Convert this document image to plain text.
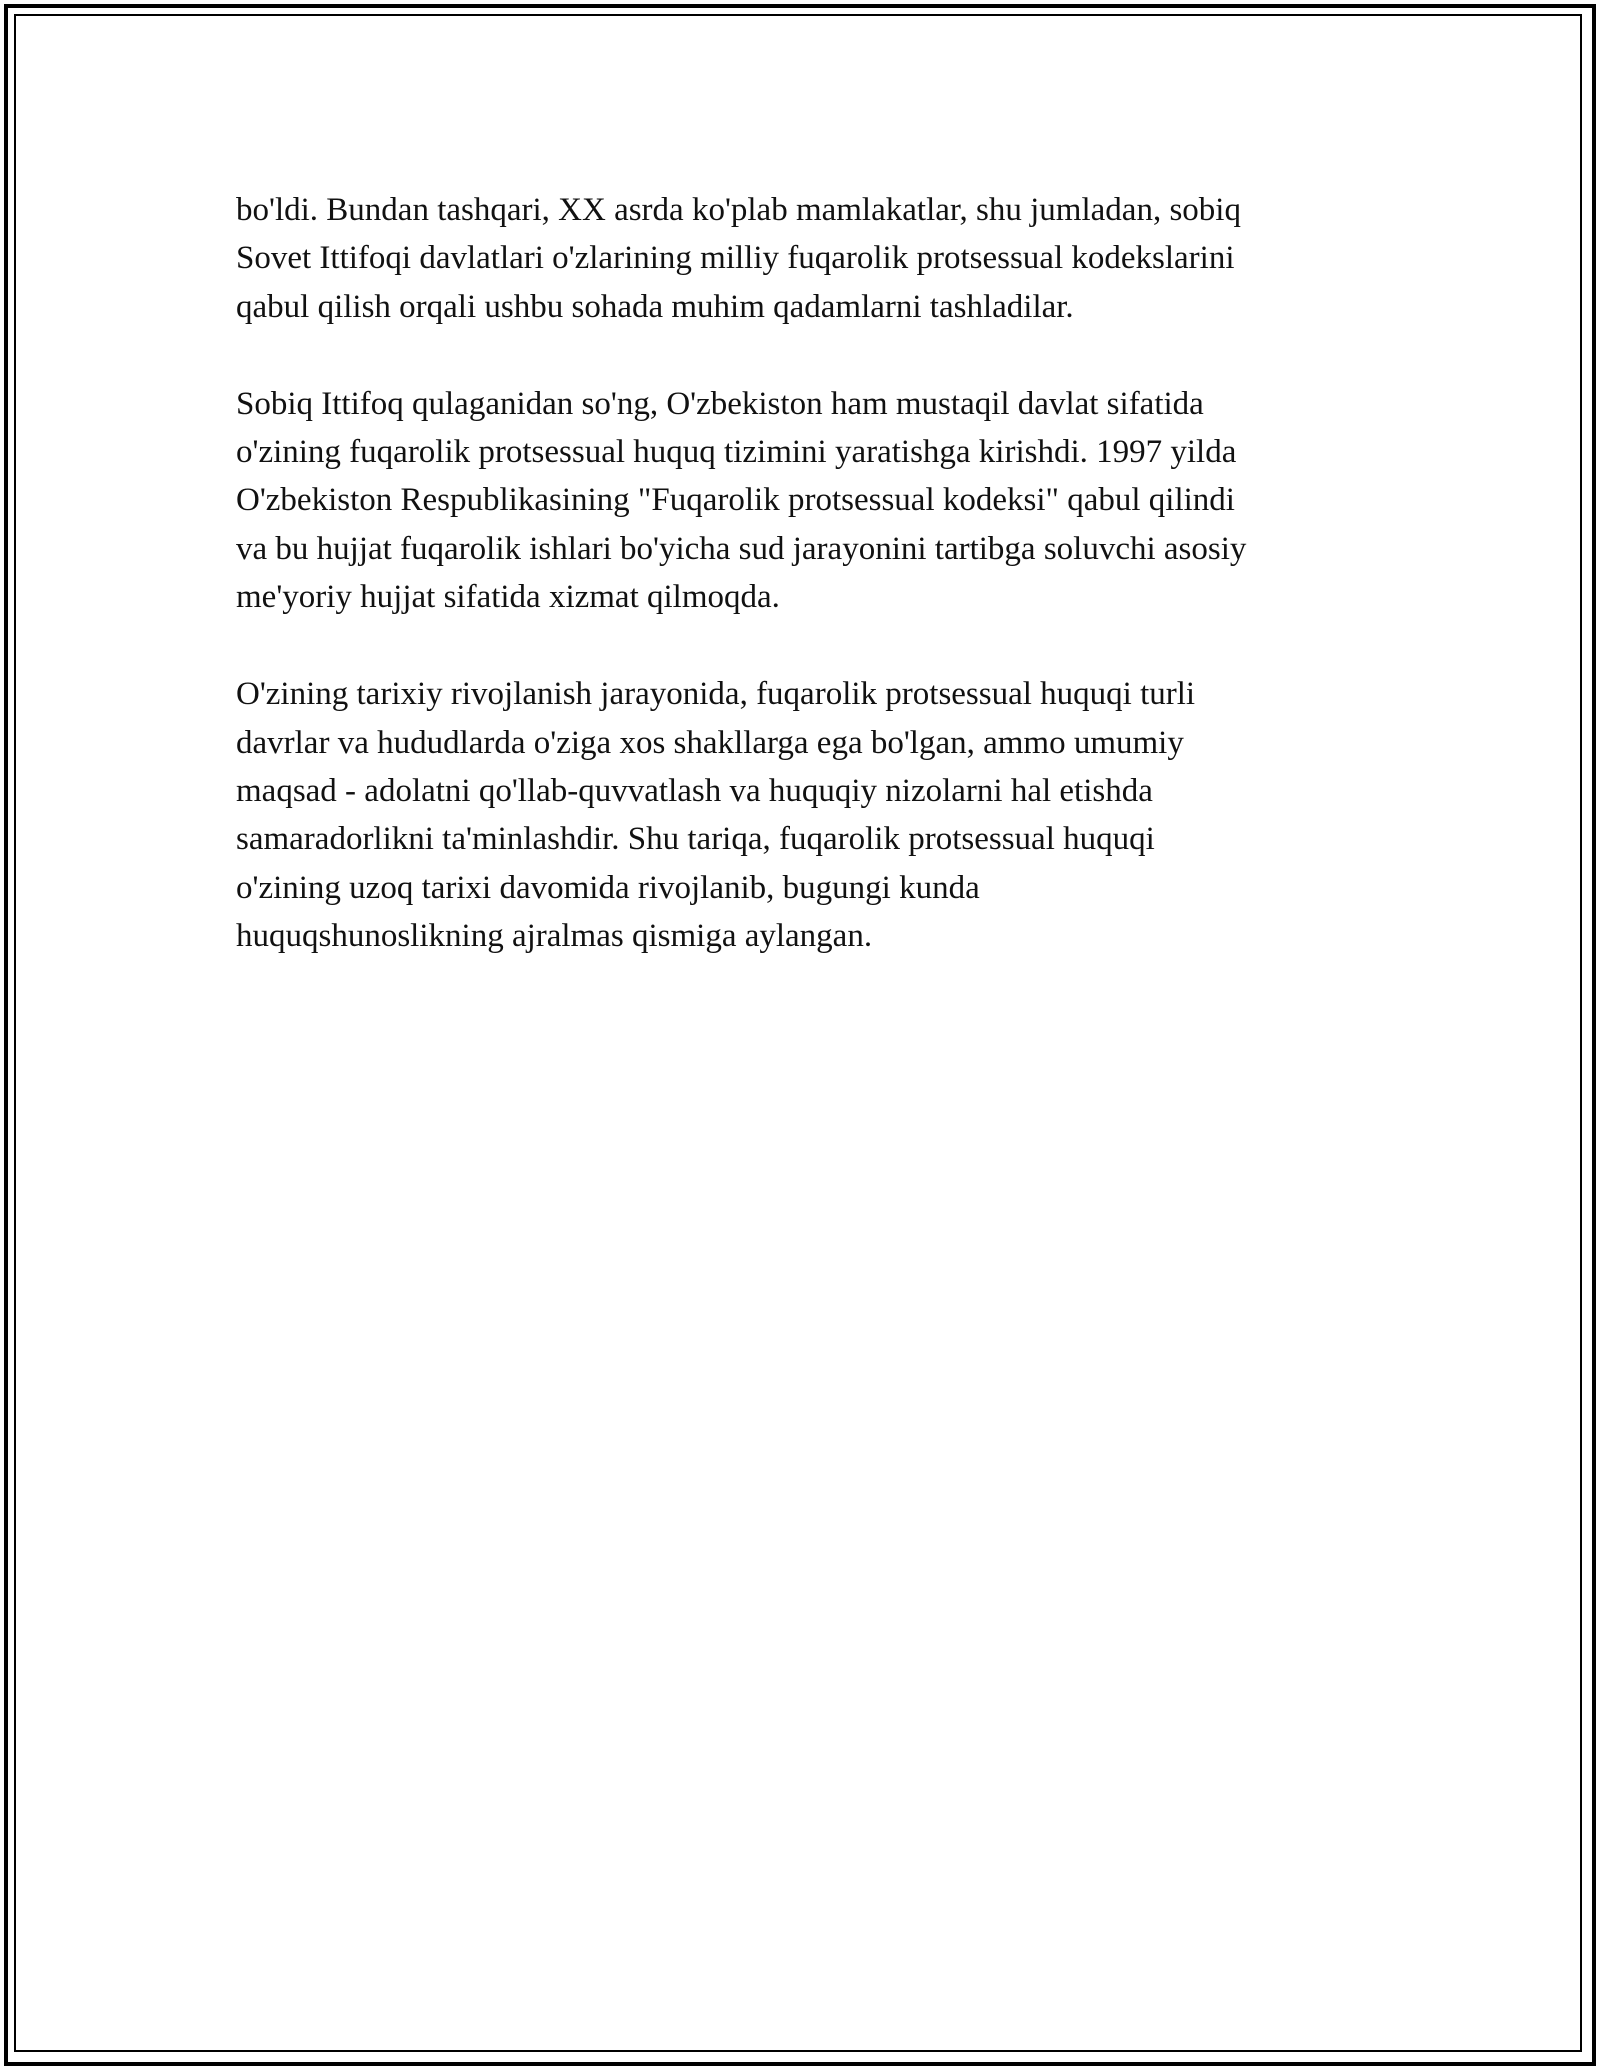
bo'ldi. Bundan tashqari, XX asrda ko'plab mamlakatlar, shu jumladan, sobiq
Sovet Ittifoqi davlatlari o'zlarining milliy fuqarolik protsessual kodekslarini
qabul qilish orqali ushbu sohada muhim qadamlarni tashladilar.

Sobiq Ittifoq qulaganidan so'ng, O'zbekiston ham mustaqil davlat sifatida
o'zining fuqarolik protsessual huquq tizimini yaratishga kirishdi. 1997 yilda
O'zbekiston Respublikasining "Fuqarolik protsessual kodeksi" qabul qilindi
va bu hujjat fuqarolik ishlari bo'yicha sud jarayonini tartibga soluvchi asosiy
me'yoriy hujjat sifatida xizmat qilmoqda.

O'zining tarixiy rivojlanish jarayonida, fuqarolik protsessual huquqi turli
davrlar va hududlarda o'ziga xos shakllarga ega bo'lgan, ammo umumiy
maqsad - adolatni qo'llab-quvvatlash va huquqiy nizolarni hal etishda
samaradorlikni ta'minlashdir. Shu tariqa, fuqarolik protsessual huquqi
o'zining uzoq tarixi davomida rivojlanib, bugungi kunda
huquqshunoslikning ajralmas qismiga aylangan.
